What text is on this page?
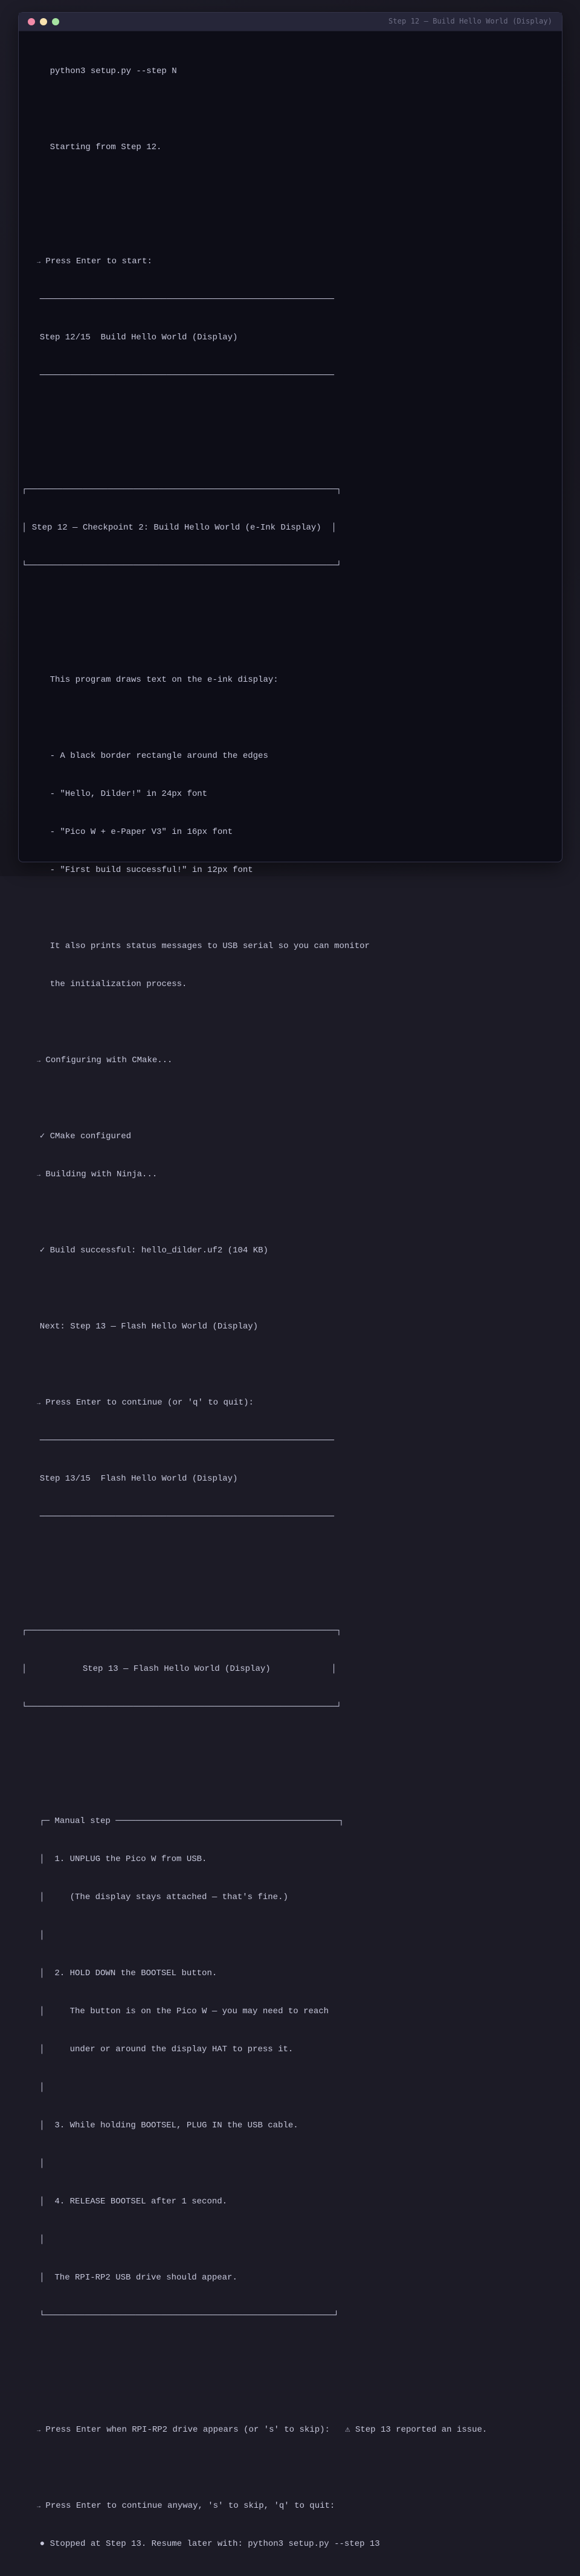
Step 12 — Build Hello World (Display)

python3 setup.py --step N

Starting from Step 12.

→ Press Enter to start:

──────────────────────────────────────────────────────────

Step 12/15  Build Hello World (Display)

──────────────────────────────────────────────────────────

┌─────────────────────────────────────────────────────────────┐

│ Step 12 — Checkpoint 2: Build Hello World (e-Ink Display)  │

└─────────────────────────────────────────────────────────────┘

This program draws text on the e-ink display:

- A black border rectangle around the edges

- "Hello, Dilder!" in 24px font

- "Pico W + e-Paper V3" in 16px font

- "First build successful!" in 12px font

It also prints status messages to USB serial so you can monitor

the initialization process.

→ Configuring with CMake...

✓ CMake configured

→ Building with Ninja...

✓ Build successful: hello_dilder.uf2 (104 KB)

Next: Step 13 — Flash Hello World (Display)

→ Press Enter to continue (or 'q' to quit):

──────────────────────────────────────────────────────────

Step 13/15  Flash Hello World (Display)

──────────────────────────────────────────────────────────

┌─────────────────────────────────────────────────────────────┐

│           Step 13 — Flash Hello World (Display)            │

└─────────────────────────────────────────────────────────────┘

┌─ Manual step ────────────────────────────────────────────┐

│  1. UNPLUG the Pico W from USB.

│     (The display stays attached — that's fine.)

│

│  2. HOLD DOWN the BOOTSEL button.

│     The button is on the Pico W — you may need to reach

│     under or around the display HAT to press it.

│

│  3. While holding BOOTSEL, PLUG IN the USB cable.

│

│  4. RELEASE BOOTSEL after 1 second.

│

│  The RPI-RP2 USB drive should appear.

└─────────────────────────────────────────────────────────┘

→ Press Enter when RPI-RP2 drive appears (or 's' to skip):   ⚠ Step 13 reported an issue.

→ Press Enter to continue anyway, 's' to skip, 'q' to quit:

● Stopped at Step 13. Resume later with: python3 setup.py --step 13
